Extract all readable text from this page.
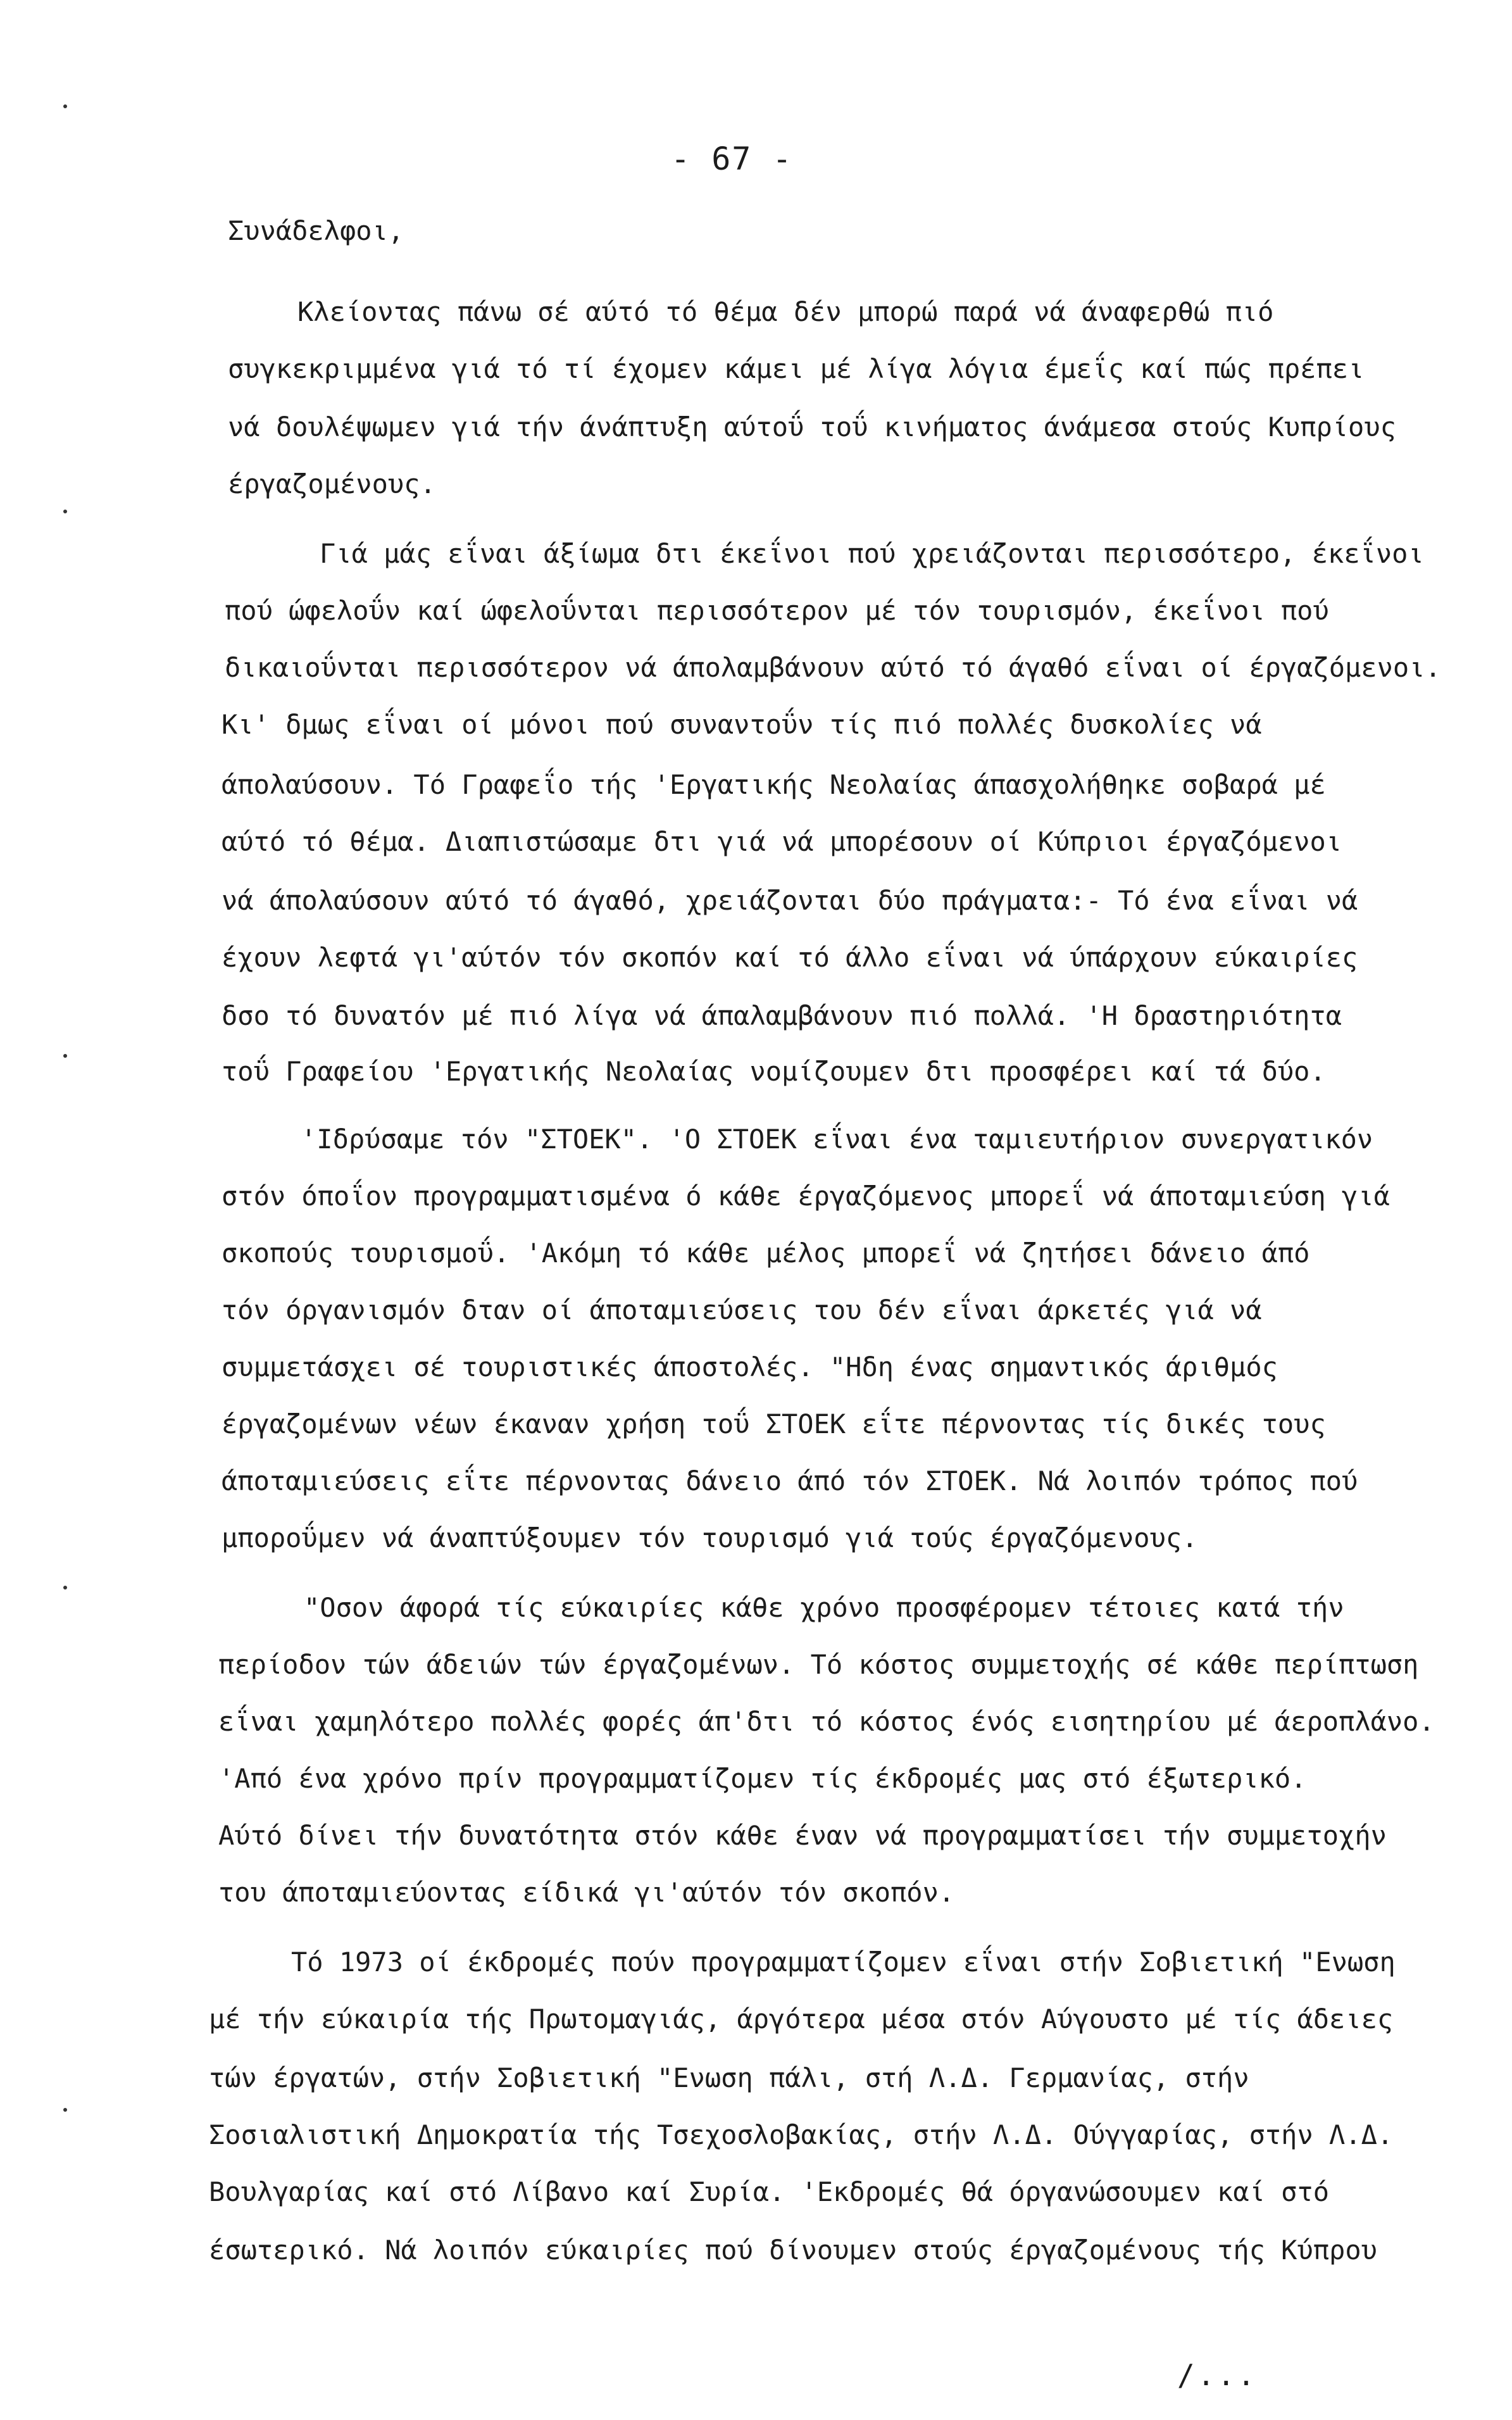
- 67 -
Συνάδελφοι,
Κλείοντας πάνω σέ αύτό τό θέμα δέν μπορώ παρά νά άναφερθώ πιό
συγκεκριμμένα γιά τό τί έχομεν κάμει μέ λίγα λόγια έμεΐς καί πώς πρέπει
νά δουλέψωμεν γιά τήν άνάπτυξη αύτοΰ τοΰ κινήματος άνάμεσα στούς Κυπρίους
έργαζομένους.
Γιά μάς εΐναι άξίωμα δτι έκεΐνοι πού χρειάζονται περισσότερο, έκεΐνοι
πού ώφελοΰν καί ώφελοΰνται περισσότερον μέ τόν τουρισμόν, έκεΐνοι πού
δικαιοΰνται περισσότερον νά άπολαμβάνουν αύτό τό άγαθό εΐναι οί έργαζόμενοι.
Κι' δμως εΐναι οί μόνοι πού συναντοΰν τίς πιό πολλές δυσκολίες νά
άπολαύσουν. Τό Γραφεΐο τής 'Εργατικής Νεολαίας άπασχολήθηκε σοβαρά μέ
αύτό τό θέμα. Διαπιστώσαμε δτι γιά νά μπορέσουν οί Κύπριοι έργαζόμενοι
νά άπολαύσουν αύτό τό άγαθό, χρειάζονται δύο πράγματα:- Τό ένα εΐναι νά
έχουν λεφτά γι'αύτόν τόν σκοπόν καί τό άλλο εΐναι νά ύπάρχουν εύκαιρίες
δσο τό δυνατόν μέ πιό λίγα νά άπαλαμβάνουν πιό πολλά. 'Η δραστηριότητα
τοΰ Γραφείου 'Εργατικής Νεολαίας νομίζουμεν δτι προσφέρει καί τά δύο.
'Ιδρύσαμε τόν "ΣΤΟΕΚ". 'Ο ΣΤΟΕΚ εΐναι ένα ταμιευτήριον συνεργατικόν
στόν όποΐον προγραμματισμένα ό κάθε έργαζόμενος μπορεΐ νά άποταμιεύση γιά
σκοπούς τουρισμοΰ. 'Ακόμη τό κάθε μέλος μπορεΐ νά ζητήσει δάνειο άπό
τόν όργανισμόν δταν οί άποταμιεύσεις του δέν εΐναι άρκετές γιά νά
συμμετάσχει σέ τουριστικές άποστολές. "Ηδη ένας σημαντικός άριθμός
έργαζομένων νέων έκαναν χρήση τοΰ ΣΤΟΕΚ εΐτε πέρνοντας τίς δικές τους
άποταμιεύσεις εΐτε πέρνοντας δάνειο άπό τόν ΣΤΟΕΚ. Νά λοιπόν τρόπος πού
μποροΰμεν νά άναπτύξουμεν τόν τουρισμό γιά τούς έργαζόμενους.
"Οσον άφορά τίς εύκαιρίες κάθε χρόνο προσφέρομεν τέτοιες κατά τήν
περίοδον τών άδειών τών έργαζομένων. Τό κόστος συμμετοχής σέ κάθε περίπτωση
εΐναι χαμηλότερο πολλές φορές άπ'δτι τό κόστος ένός εισητηρίου μέ άεροπλάνο.
'Από ένα χρόνο πρίν προγραμματίζομεν τίς έκδρομές μας στό έξωτερικό.
Αύτό δίνει τήν δυνατότητα στόν κάθε έναν νά προγραμματίσει τήν συμμετοχήν
του άποταμιεύοντας είδικά γι'αύτόν τόν σκοπόν.
Τό 1973 οί έκδρομές πούν προγραμματίζομεν εΐναι στήν Σοβιετική "Ενωση
μέ τήν εύκαιρία τής Πρωτομαγιάς, άργότερα μέσα στόν Αύγουστο μέ τίς άδειες
τών έργατών, στήν Σοβιετική "Ενωση πάλι, στή Λ.Δ. Γερμανίας, στήν
Σοσιαλιστική Δημοκρατία τής Τσεχοσλοβακίας, στήν Λ.Δ. Ούγγαρίας, στήν Λ.Δ.
Βουλγαρίας καί στό Λίβανο καί Συρία. 'Εκδρομές θά όργανώσουμεν καί στό
έσωτερικό. Νά λοιπόν εύκαιρίες πού δίνουμεν στούς έργαζομένους τής Κύπρου
/...
